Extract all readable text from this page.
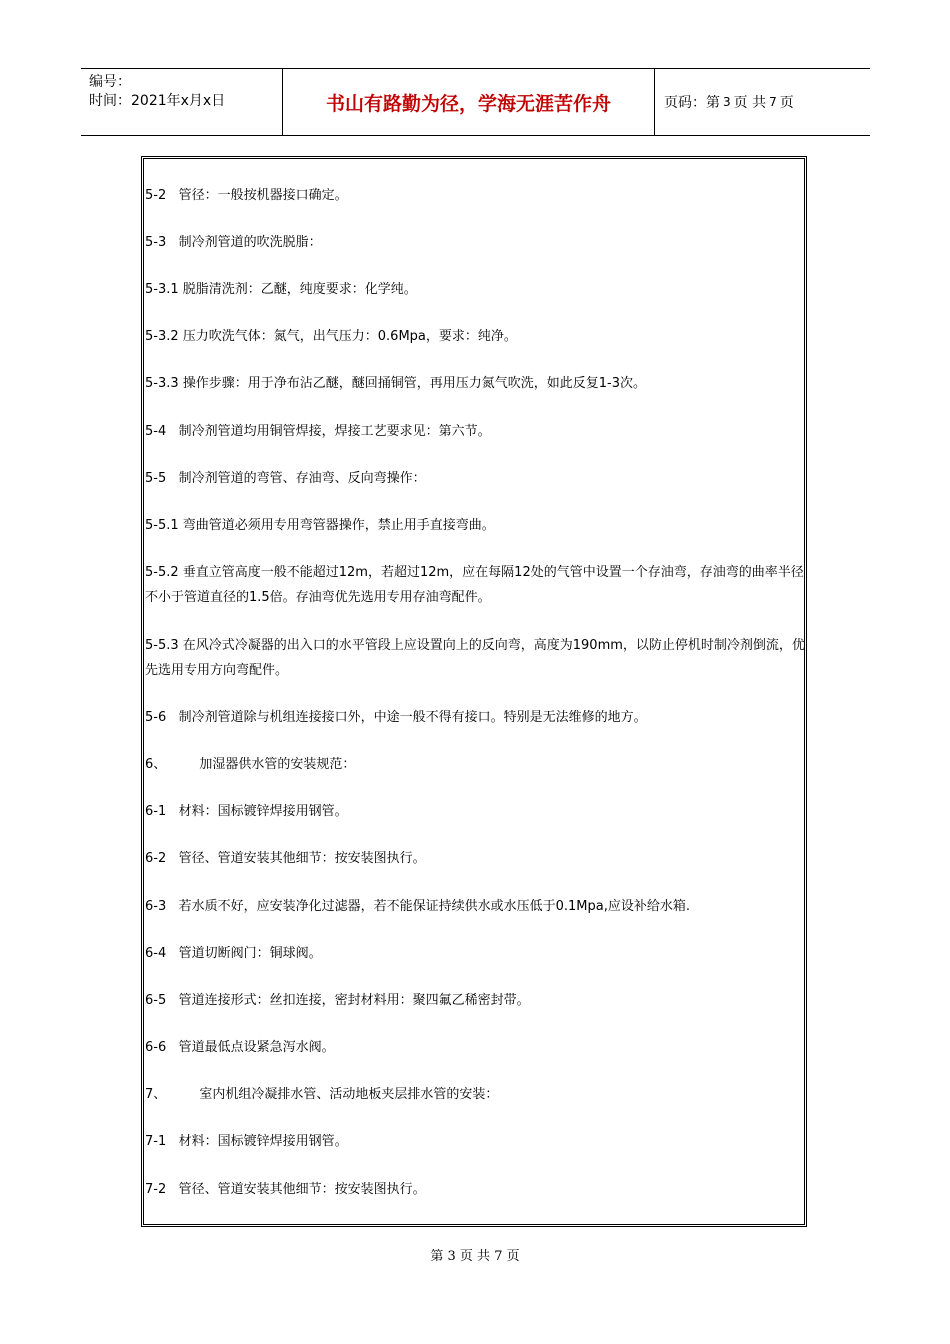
编号：
时间：2021年x月x日	书山有路勤为径，学海无涯苦作舟	页码：第 3 页 共 7 页

5-2   管径：一般按机器接口确定。

5-3   制冷剂管道的吹洗脱脂：

5-3.1 脱脂清洗剂：乙醚，纯度要求：化学纯。

5-3.2 压力吹洗气体：氮气，出气压力：0.6Mpa，要求：纯净。

5-3.3 操作步骤：用于净布沾乙醚，醚回捅铜管，再用压力氮气吹洗，如此反复1-3次。

5-4   制冷剂管道均用铜管焊接，焊接工艺要求见：第六节。

5-5   制冷剂管道的弯管、存油弯、反向弯操作：

5-5.1 弯曲管道必须用专用弯管器操作，禁止用手直接弯曲。

5-5.2 垂直立管高度一般不能超过12m，若超过12m，应在每隔12处的气管中设置一个存油弯，存油弯的曲率半径不小于管道直径的1.5倍。存油弯优先选用专用存油弯配件。

5-5.3 在风冷式冷凝器的出入口的水平管段上应设置向上的反向弯，高度为190mm，以防止停机时制冷剂倒流，优先选用专用方向弯配件。

5-6   制冷剂管道除与机组连接接口外，中途一般不得有接口。特别是无法维修的地方。

6、        加湿器供水管的安装规范：

6-1   材料：国标镀锌焊接用钢管。

6-2   管径、管道安装其他细节：按安装图执行。

6-3   若水质不好，应安装净化过滤器，若不能保证持续供水或水压低于0.1Mpa,应设补给水箱.

6-4   管道切断阀门：铜球阀。

6-5   管道连接形式：丝扣连接，密封材料用：聚四氟乙稀密封带。

6-6   管道最低点设紧急泻水阀。

7、        室内机组冷凝排水管、活动地板夹层排水管的安装：

7-1   材料：国标镀锌焊接用钢管。

7-2   管径、管道安装其他细节：按安装图执行。

第 3 页 共 7 页
